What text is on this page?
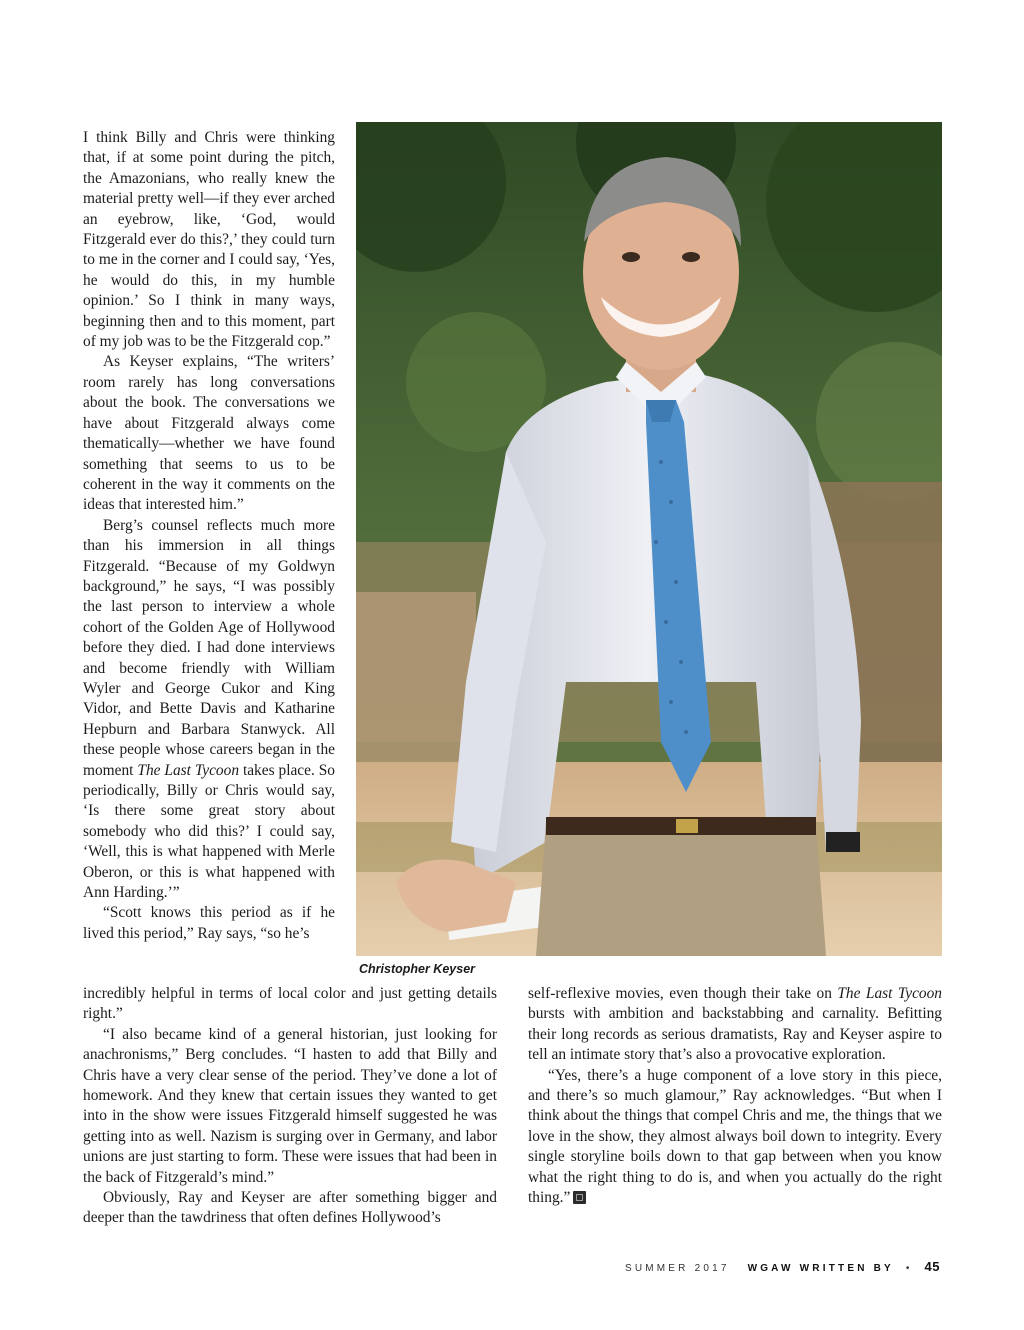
I think Billy and Chris were thinking that, if at some point during the pitch, the Amazonians, who really knew the material pretty well—if they ever arched an eyebrow, like, ‘God, would Fitzgerald ever do this?,’ they could turn to me in the corner and I could say, ‘Yes, he would do this, in my humble opinion.’ So I think in many ways, beginning then and to this moment, part of my job was to be the Fitzgerald cop.”

As Keyser explains, “The writers’ room rarely has long conversations about the book. The conversations we have about Fitzgerald always come thematically—whether we have found something that seems to us to be coherent in the way it comments on the ideas that interested him.”

Berg’s counsel reflects much more than his immersion in all things Fitzgerald. “Because of my Goldwyn background,” he says, “I was possibly the last person to interview a whole cohort of the Golden Age of Hollywood before they died. I had done interviews and become friendly with William Wyler and George Cukor and King Vidor, and Bette Davis and Katharine Hepburn and Barbara Stanwyck. All these people whose careers began in the moment The Last Tycoon takes place. So periodically, Billy or Chris would say, ‘Is there some great story about somebody who did this?’ I could say, ‘Well, this is what happened with Merle Oberon, or this is what happened with Ann Harding.’”

“Scott knows this period as if he lived this period,” Ray says, “so he’s

Christopher Keyser

incredibly helpful in terms of local color and just getting details right.”

“I also became kind of a general historian, just looking for anachronisms,” Berg concludes. “I hasten to add that Billy and Chris have a very clear sense of the period. They’ve done a lot of homework. And they knew that certain issues they wanted to get into in the show were issues Fitzgerald himself suggested he was getting into as well. Nazism is surging over in Germany, and labor unions are just starting to form. These were issues that had been in the back of Fitzgerald’s mind.”

Obviously, Ray and Keyser are after something bigger and deeper than the tawdriness that often defines Hollywood’s

self-reflexive movies, even though their take on The Last Tycoon bursts with ambition and backstabbing and carnality. Befitting their long records as serious dramatists, Ray and Keyser aspire to tell an intimate story that’s also a provocative exploration.

“Yes, there’s a huge component of a love story in this piece, and there’s so much glamour,” Ray acknowledges. “But when I think about the things that compel Chris and me, the things that we love in the show, they almost always boil down to integrity. Every single storyline boils down to that gap between when you know what the right thing to do is, and when you actually do the right thing.”

SUMMER 2017 WGAW WRITTEN BY • 45
